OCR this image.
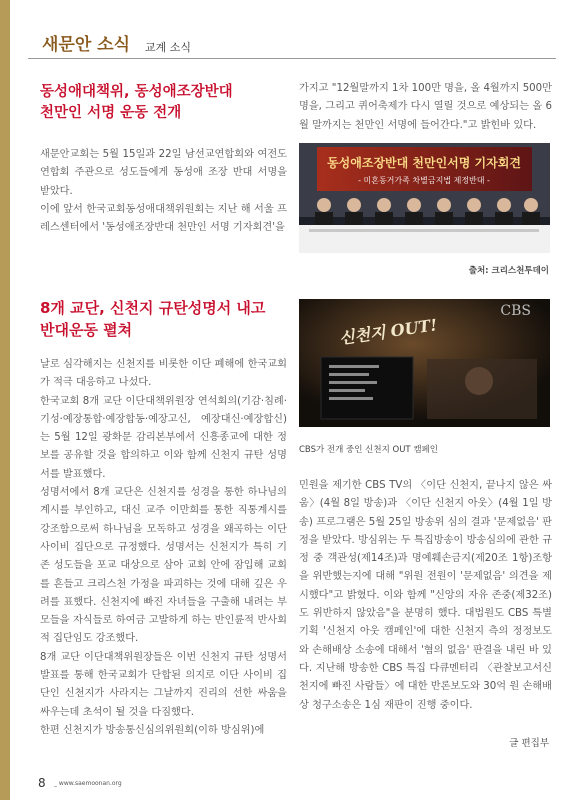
새문안 소식 교계 소식
동성애대책위, 동성애조장반대
천만인 서명 운동 전개

새문안교회는 5월 15일과 22일 남선교연합회와 여전도연합회 주관으로 성도들에게 동성애 조장 반대 서명을 받았다.

이에 앞서 한국교회동성애대책위원회는 지난 해 서울 프레스센터에서 '동성애조장반대 천만인 서명 기자회견'을

가지고 "12월말까지 1차 100만 명을, 올 4월까지 500만 명을, 그리고 퀴어축제가 다시 열릴 것으로 예상되는 올 6월 말까지는 천만인 서명에 들어간다."고 밝힌바 있다.

동성애조장반대 천만인서명 기자회견
- 미혼동거가족 차별금지법 제정반대 -
출처: 크리스천투데이
8개 교단, 신천지 규탄성명서 내고
반대운동 펼쳐

날로 심각해지는 신천지를 비롯한 이단 폐해에 한국교회가 적극 대응하고 나섰다.

한국교회 8개 교단 이단대책위원장 연석회의(기감·침례·기성·예장통합·예장합동·예장고신, 예장대신·예장합신)는 5월 12일 광화문 감리본부에서 신흥종교에 대한 정보를 공유할 것을 합의하고 이와 함께 신천지 규탄 성명서를 발표했다.

성명서에서 8개 교단은 신천지를 성경을 통한 하나님의 계시를 부인하고, 대신 교주 이만희를 통한 직통계시를 강조함으로써 하나님을 모독하고 성경을 왜곡하는 이단 사이비 집단으로 규정했다. 성명서는 신천지가 특히 기존 성도들을 포교 대상으로 삼아 교회 안에 잠입해 교회를 흔들고 크리스천 가정을 파괴하는 것에 대해 깊은 우려를 표했다. 신천지에 빠진 자녀들을 구출해 내려는 부모들을 자식들로 하여금 고발하게 하는 반인륜적 반사회적 집단임도 강조했다.

8개 교단 이단대책위원장들은 이번 신천지 규탄 성명서 발표를 통해 한국교회가 단합된 의지로 이단 사이비 집단인 신천지가 사라지는 그날까지 진리의 선한 싸움을 싸우는데 초석이 될 것을 다짐했다.

한편 신천지가 방송통신심의위원회(이하 방심위)에

CBS
신천지 OUT!
CBS가 전개 중인 신천지 OUT 캠페인

민원을 제기한 CBS TV의 〈이단 신천지, 끝나지 않은 싸움〉(4월 8일 방송)과 〈이단 신천지 아웃〉(4월 1일 방송) 프로그램은 5월 25일 방송위 심의 결과 '문제없음' 판정을 받았다. 방심위는 두 특집방송이 방송심의에 관한 규정 중 객관성(제14조)과 명예훼손금지(제20조 1항)조항을 위반했는지에 대해 "위원 전원이 '문제없음' 의견을 제시했다"고 밝혔다. 이와 함께 "신앙의 자유 존중(제32조)도 위반하지 않았음"을 분명히 했다. 대법원도 CBS 특별기획 '신천지 아웃 캠페인'에 대한 신천지 측의 정정보도와 손해배상 소송에 대해서 '혐의 없음' 판결을 내린 바 있다. 지난해 방송한 CBS 특집 다큐멘터리 〈관찰보고서신천지에 빠진 사람들〉에 대한 반론보도와 30억 원 손해배상 청구소송은 1심 재판이 진행 중이다.

글 편집부
8 _ www.saemoonan.org
